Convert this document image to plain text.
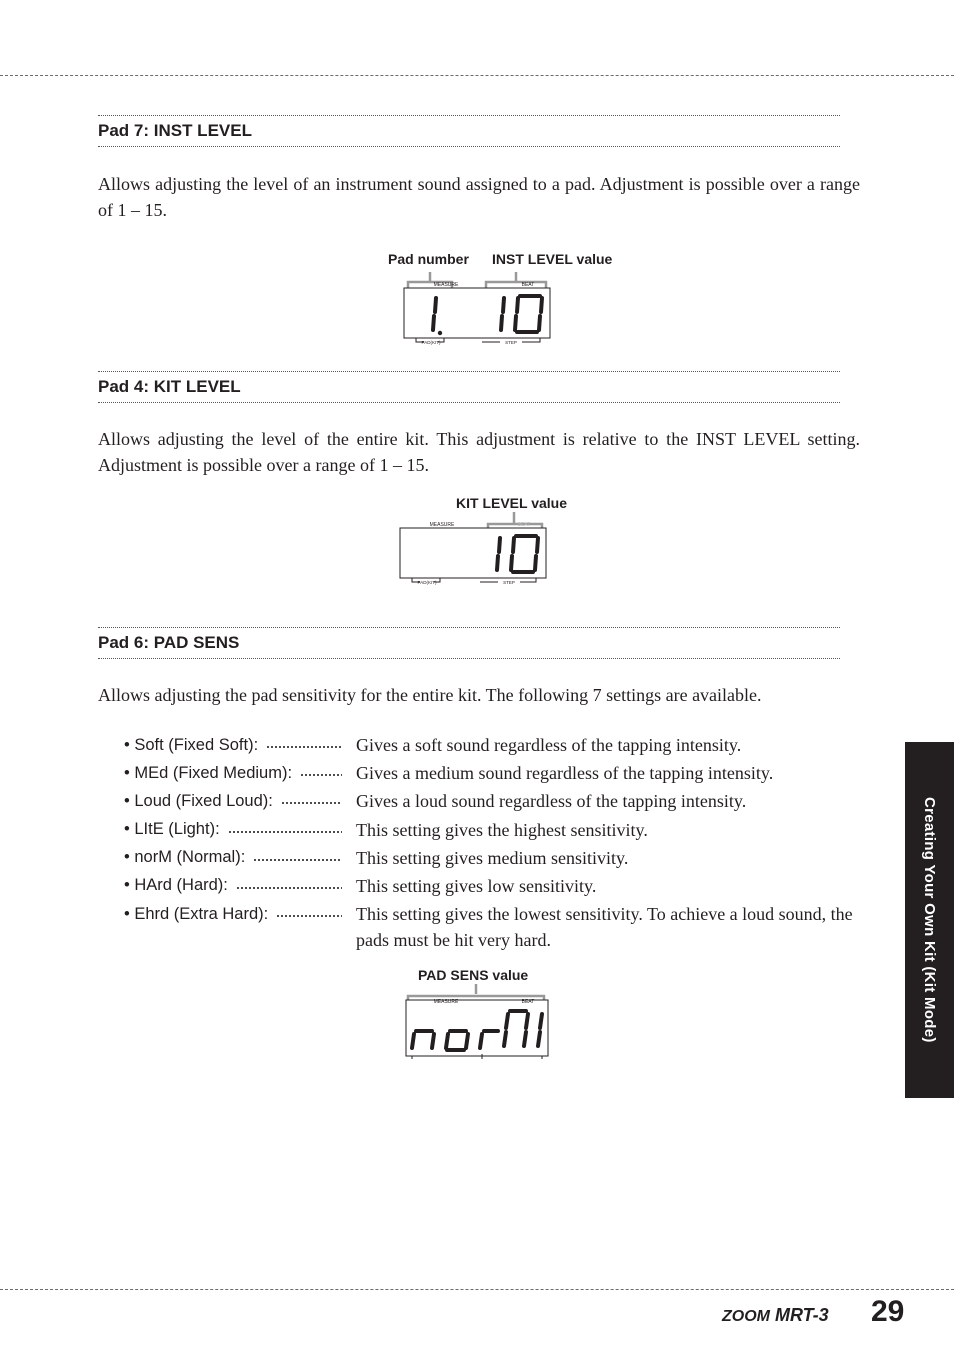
Pad 7: INST LEVEL

Allows adjusting the level of an instrument sound assigned to a pad. Adjustment is possible over a range of 1 – 15.

Pad number INST LEVEL value
MEASURE	BEAT
PAD(KIT)	STEP
Pad 4: KIT LEVEL

Allows adjusting the level of the entire kit. This adjustment is relative to the INST LEVEL setting. Adjustment is possible over a range of 1 – 15.

KIT LEVEL value
MEASURE	BEAT
PAD(KIT)	STEP
Pad 6: PAD SENS

Allows adjusting the pad sensitivity for the entire kit. The following 7 settings are available.

• Soft (Fixed Soft):	Gives a soft sound regardless of the tapping intensity.
• MEd (Fixed Medium):	Gives a medium sound regardless of the tapping intensity.
• Loud (Fixed Loud):	Gives a loud sound regardless of the tapping intensity.
• LItE (Light):	This setting gives the highest sensitivity.
• norM (Normal):	This setting gives medium sensitivity.
• HArd (Hard):	This setting gives low sensitivity.
• Ehrd (Extra Hard):	This setting gives the lowest sensitivity. To achieve a loud sound, the pads must be hit very hard.
PAD SENS value
MEASURE	BEAT	Creating Your Own Kit (Kit Mode)
ZOOM MRT-3 29
